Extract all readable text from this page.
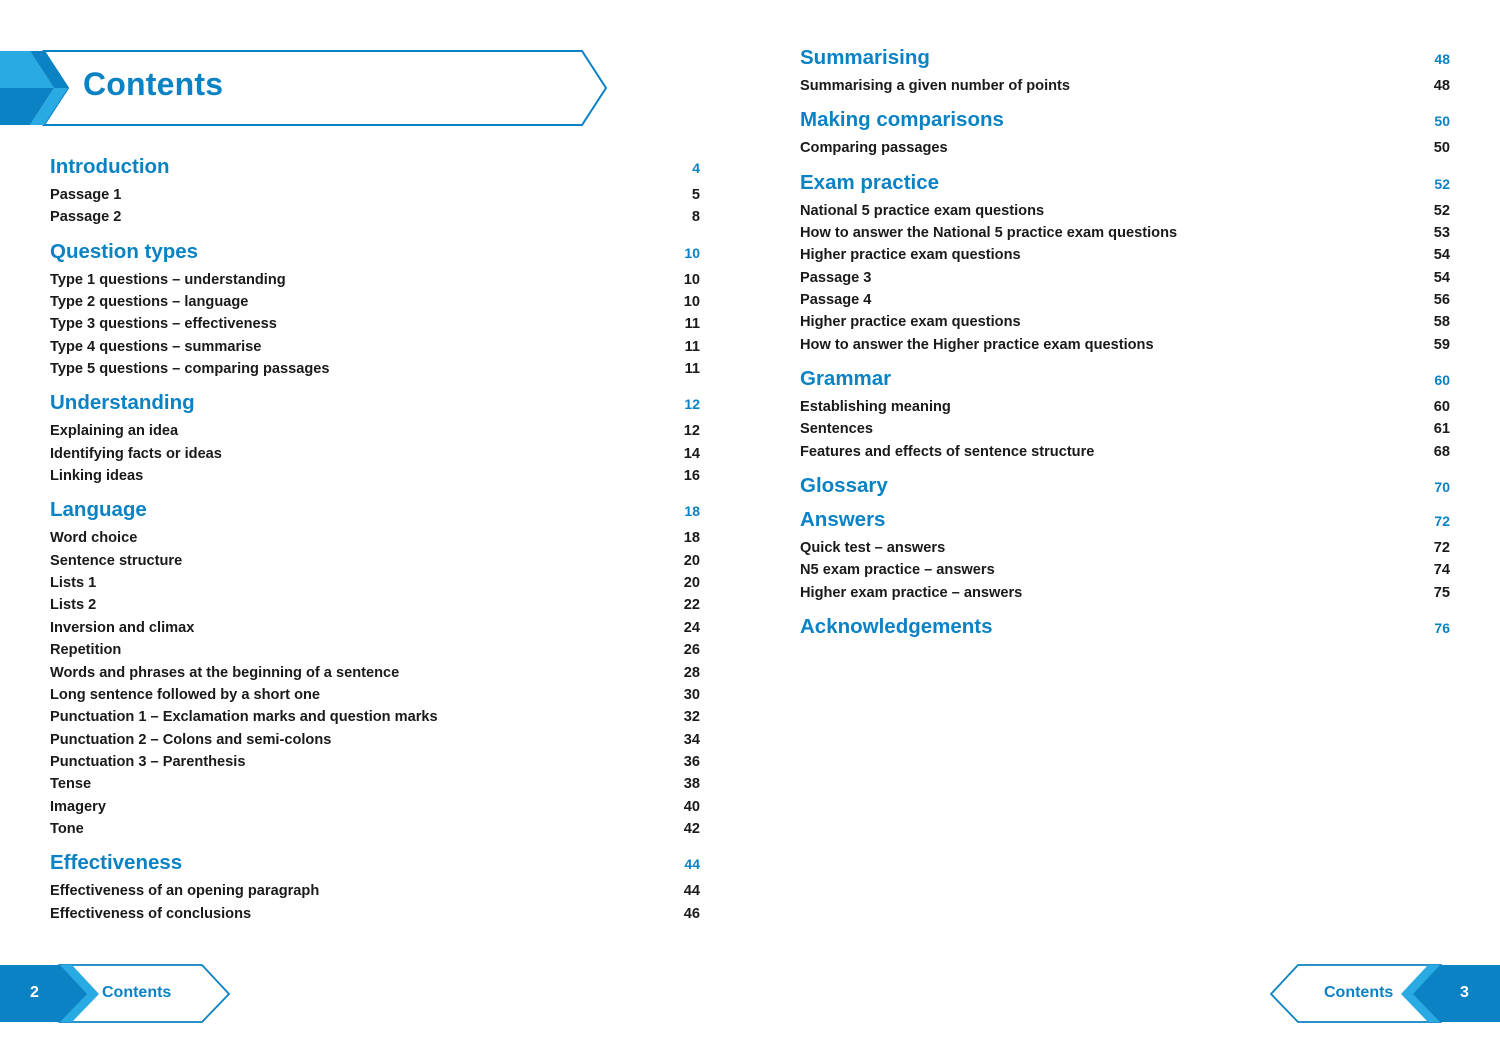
Contents
Introduction	4
Passage 1	5
Passage 2	8
Question types	10
Type 1 questions – understanding	10
Type 2 questions – language	10
Type 3 questions – effectiveness	11
Type 4 questions – summarise	11
Type 5 questions – comparing passages	11
Understanding	12
Explaining an idea	12
Identifying facts or ideas	14
Linking ideas	16
Language	18
Word choice	18
Sentence structure	20
Lists 1	20
Lists 2	22
Inversion and climax	24
Repetition	26
Words and phrases at the beginning of a sentence	28
Long sentence followed by a short one	30
Punctuation 1 – Exclamation marks and question marks	32
Punctuation 2 – Colons and semi-colons	34
Punctuation 3 – Parenthesis	36
Tense	38
Imagery	40
Tone	42
Effectiveness	44
Effectiveness of an opening paragraph	44
Effectiveness of conclusions	46
Summarising	48
Summarising a given number of points	48
Making comparisons	50
Comparing passages	50
Exam practice	52
National 5 practice exam questions	52
How to answer the National 5 practice exam questions	53
Higher practice exam questions	54
Passage 3	54
Passage 4	56
Higher practice exam questions	58
How to answer the Higher practice exam questions	59
Grammar	60
Establishing meaning	60
Sentences	61
Features and effects of sentence structure	68
Glossary	70
Answers	72
Quick test – answers	72
N5 exam practice – answers	74
Higher exam practice – answers	75
Acknowledgements	76
2	Contents	Contents	3
